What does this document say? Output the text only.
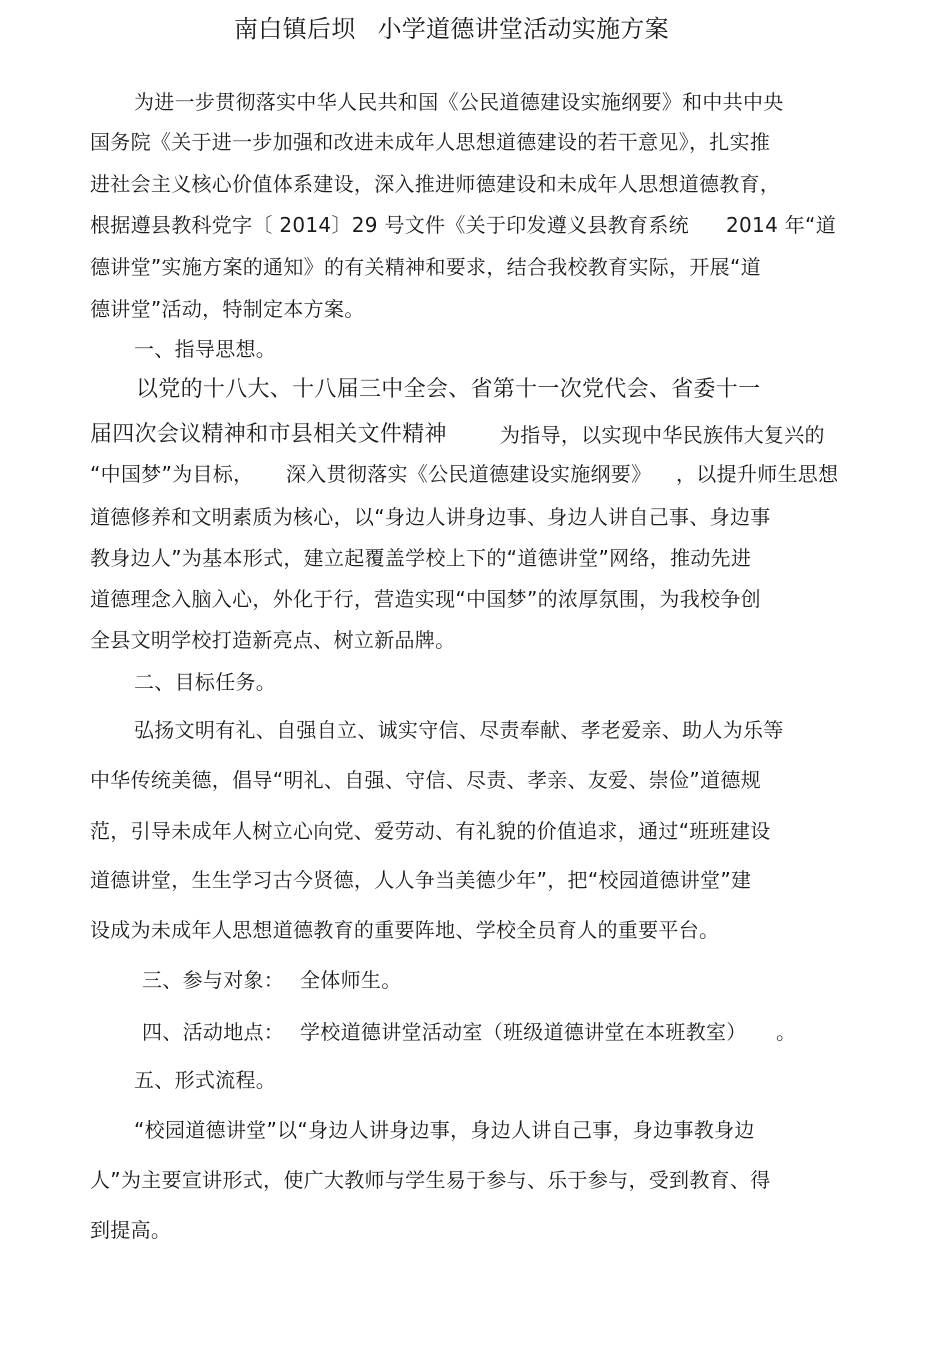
南白镇后坝 小学道德讲堂活动实施方案
为进一步贯彻落实中华人民共和国《公民道德建设实施纲要》和中共中央
国务院《关于进一步加强和改进未成年人思想道德建设的若干意见》，扎实推
进社会主义核心价值体系建设，深入推进师德建设和未成年人思想道德教育，
根据遵县教科党字〔 2014〕29 号文件《关于印发遵义县教育系统 2014 年“道
德讲堂”实施方案的通知》的有关精神和要求，结合我校教育实际，开展“道
德讲堂”活动，特制定本方案。
一、指导思想。
以党的十八大、十八届三中全会、省第十一次党代会、省委十一
届四次会议精神和市县相关文件精神	为指导，以实现中华民族伟大复兴的
“中国梦”为目标， 深入贯彻落实《公民道德建设实施纲要》 ，以提升师生思想
道德修养和文明素质为核心，以“身边人讲身边事、身边人讲自己事、身边事
教身边人”为基本形式，建立起覆盖学校上下的“道德讲堂”网络，推动先进
道德理念入脑入心，外化于行，营造实现“中国梦”的浓厚氛围，为我校争创
全县文明学校打造新亮点、树立新品牌。
二、目标任务。
弘扬文明有礼、自强自立、诚实守信、尽责奉献、孝老爱亲、助人为乐等
中华传统美德，倡导“明礼、自强、守信、尽责、孝亲、友爱、崇俭”道德规
范，引导未成年人树立心向党、爱劳动、有礼貌的价值追求，通过“班班建设
道德讲堂，生生学习古今贤德，人人争当美德少年”，把“校园道德讲堂”建
设成为未成年人思想道德教育的重要阵地、学校全员育人的重要平台。
三、参与对象： 全体师生。
四、活动地点： 学校道德讲堂活动室（班级道德讲堂在本班教室） 。
五、形式流程。
“校园道德讲堂”以“身边人讲身边事，身边人讲自己事，身边事教身边
人”为主要宣讲形式，使广大教师与学生易于参与、乐于参与，受到教育、得
到提高。
